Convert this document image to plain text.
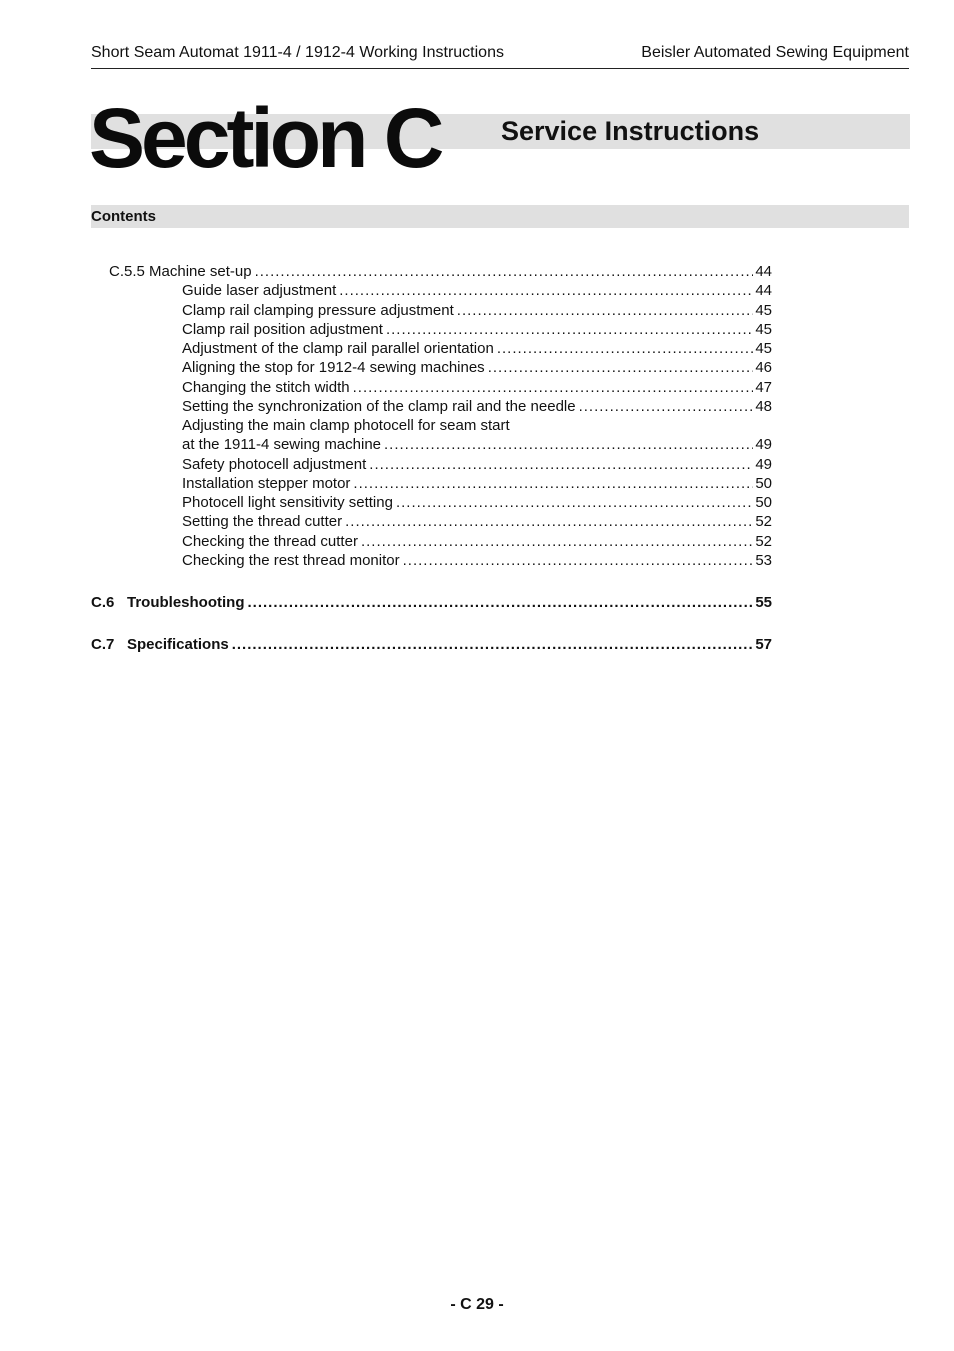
Short Seam Automat 1911-4 / 1912-4 Working Instructions	Beisler Automated Sewing Equipment
Section C Service Instructions
Contents
C.5.5 Machine set-up .....	44
Guide laser adjustment .....	44
Clamp rail clamping pressure adjustment .....	45
Clamp rail position adjustment .....	45
Adjustment of the clamp rail parallel orientation .....	45
Aligning the stop for 1912-4 sewing machines .....	46
Changing the stitch width .....	47
Setting the synchronization of the clamp rail and the needle .....	48
Adjusting the main clamp photocell for seam start
at the 1911-4 sewing machine .....	49
Safety photocell adjustment .....	49
Installation stepper motor .....	50
Photocell light sensitivity setting .....	50
Setting the thread cutter .....	52
Checking the thread cutter .....	52
Checking the rest thread monitor .....	53
C.6 Troubleshooting .....	55
C.7 Specifications .....	57
- C 29 -
